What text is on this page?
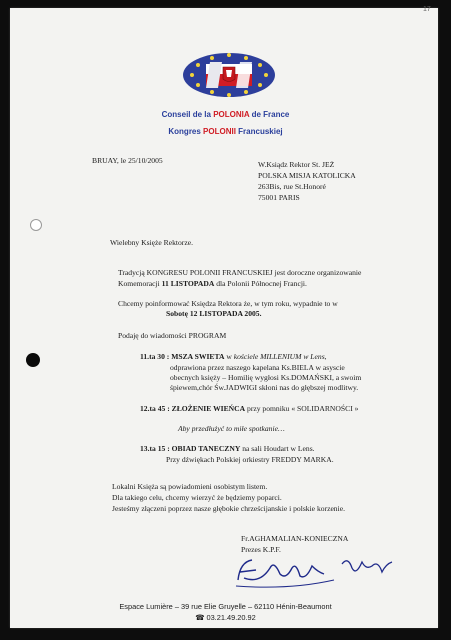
17
Conseil de la POLONIA de France
Kongres POLONII Francuskiej
BRUAY, le 25/10/2005	W.Ksiądz Rektor St. JEŻ
POLSKA MISJA KATOLICKA
263Bis, rue St.Honoré
75001 PARIS
Wielebny Księże Rektorze.
Tradycją KONGRESU POLONII FRANCUSKIEJ jest doroczne organizowanie
Komemoracji 11 LISTOPADA dla Polonii Północnej Francji.
Chcemy poinformować Księdza Rektora że, w tym roku, wypadnie to w
Sobotę 12 LISTOPADA 2005.
Podaję do wiadomości PROGRAM
11.ta 30 : MSZA SWIETA w kościele MILLENIUM w Lens,
odprawiona przez naszego kapelana Ks.BIELA w asyscie
obecnych księży – Homilię wygłosi Ks.DOMAŃSKI, a swoim
śpiewem,chór Św.JADWIGI skłoni nas do głębszej modlitwy.
12.ta 45 : ZŁOŻENIE WIEŃCA przy pomniku « SOLIDARNOŚCI »
Aby przedłużyć to miłe spotkanie…
13.ta 15 : OBIAD TANECZNY na sali Houdart w Lens.
Przy dźwiękach Polskiej orkiestry FREDDY MARKA.
Lokalni Księża są powiadomieni osobistym listem.
Dla takiego celu, chcemy wierzyć że będziemy poparci.
Jesteśmy złączeni poprzez nasze głębokie chrześcijanskie i polskie korzenie.
Fr.AGHAMALIAN-KONIECZNA
Prezes K.P.F.
Espace Lumière – 39 rue Elie Gruyelle – 62110 Hénin-Beaumont
☎ 03.21.49.20.92
